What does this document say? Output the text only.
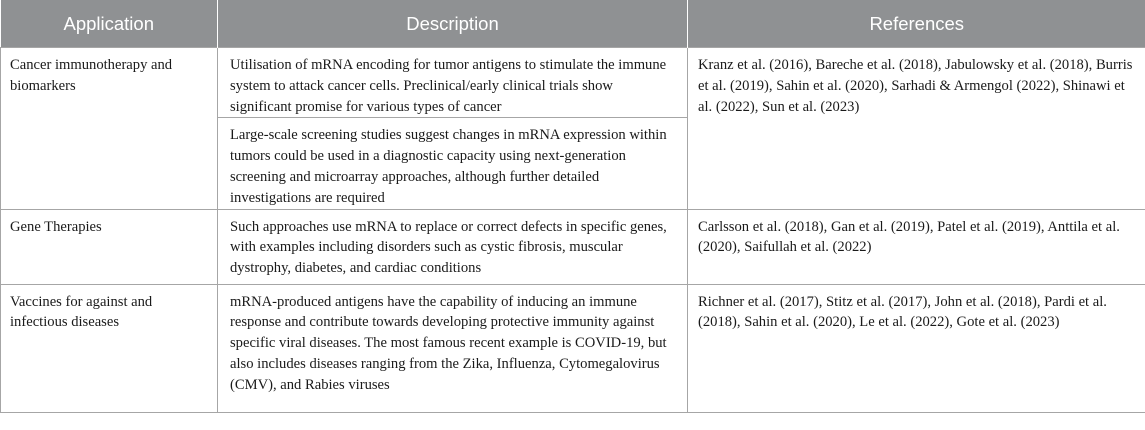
Application	Description	References
Cancer immunotherapy and biomarkers	Utilisation of mRNA encoding for tumor antigens to stimulate the immune system to attack cancer cells. Preclinical/early clinical trials show significant promise for various types of cancer	Kranz et al. (2016), Bareche et al. (2018), Jabulowsky et al. (2018), Burris et al. (2019), Sahin et al. (2020), Sarhadi & Armengol (2022), Shinawi et al. (2022), Sun et al. (2023)
	Large-scale screening studies suggest changes in mRNA expression within tumors could be used in a diagnostic capacity using next-generation screening and microarray approaches, although further detailed investigations are required	
Gene Therapies	Such approaches use mRNA to replace or correct defects in specific genes, with examples including disorders such as cystic fibrosis, muscular dystrophy, diabetes, and cardiac conditions	Carlsson et al. (2018), Gan et al. (2019), Patel et al. (2019), Anttila et al. (2020), Saifullah et al. (2022)
Vaccines for against and infectious diseases	mRNA-produced antigens have the capability of inducing an immune response and contribute towards developing protective immunity against specific viral diseases. The most famous recent example is COVID-19, but also includes diseases ranging from the Zika, Influenza, Cytomegalovirus (CMV), and Rabies viruses	Richner et al. (2017), Stitz et al. (2017), John et al. (2018), Pardi et al. (2018), Sahin et al. (2020), Le et al. (2022), Gote et al. (2023)
